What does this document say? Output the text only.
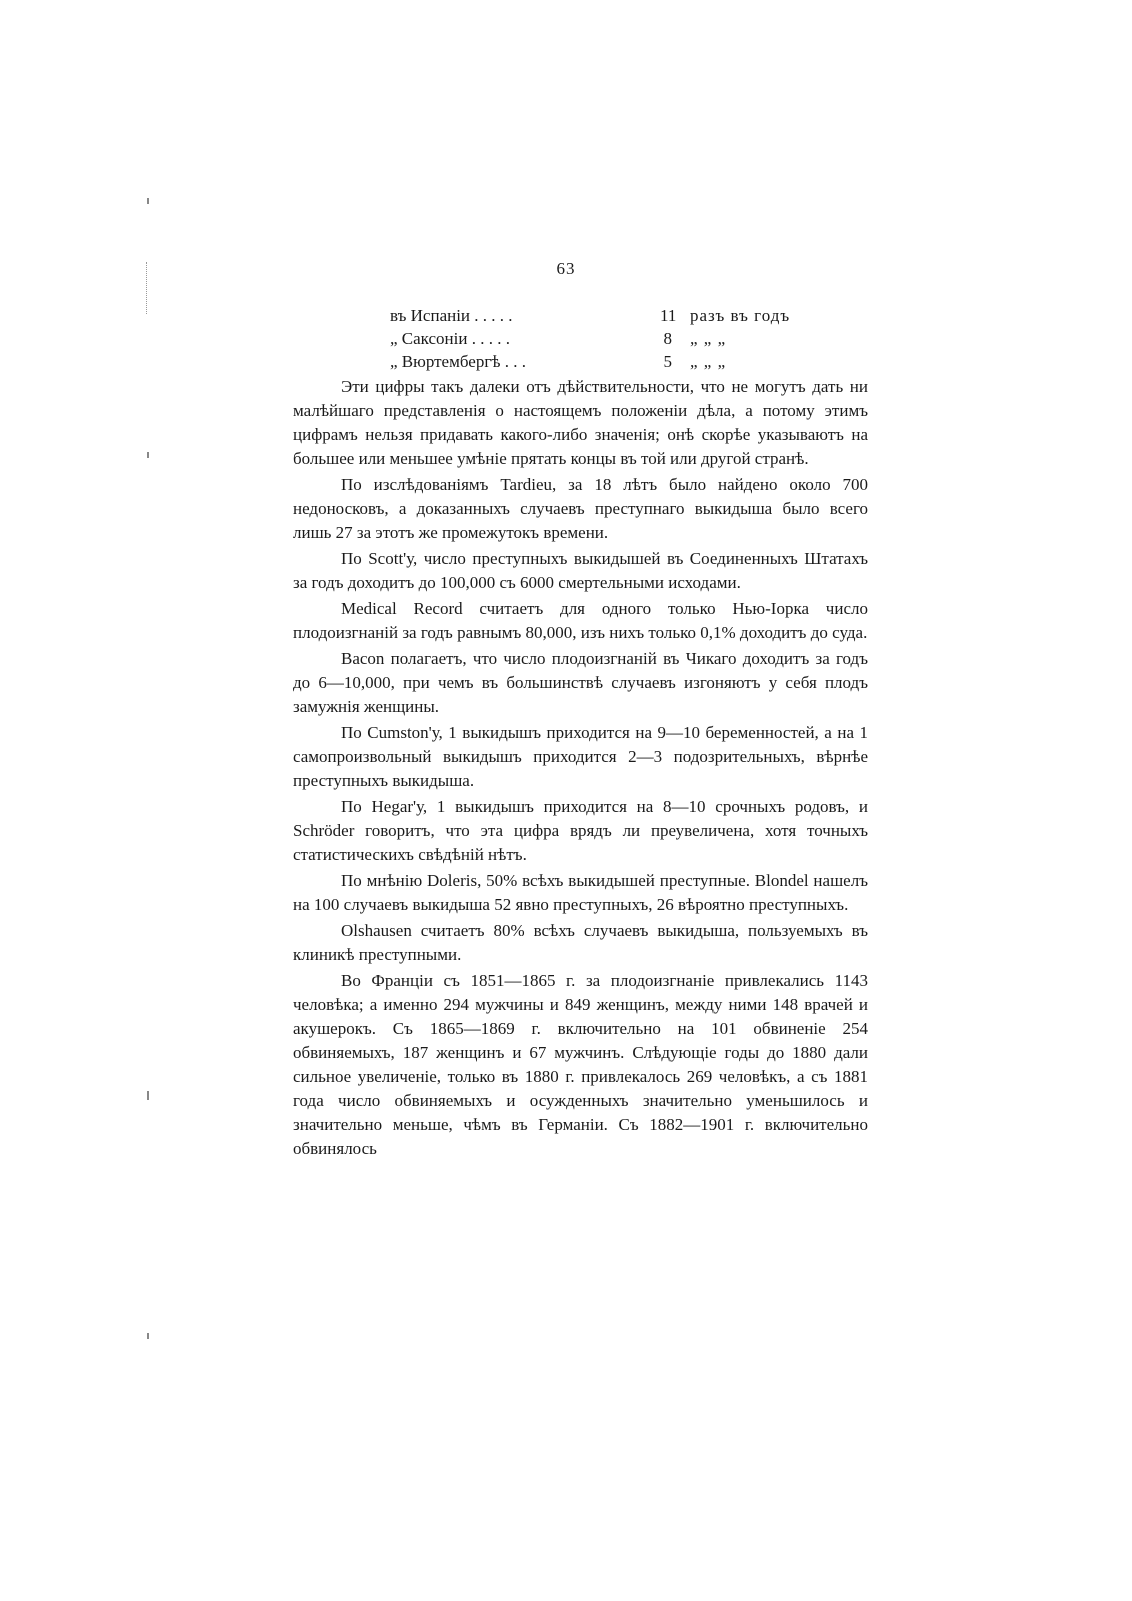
63
въ Испаніи . . . . .	11 разъ въ годъ
„ Саксоніи . . . . .	8 „ „ „
„ Вюртембергѣ . . .	5 „ „ „

Эти цифры такъ далеки отъ дѣйствительности, что не могутъ дать ни малѣйшаго представленія о настоящемъ положеніи дѣла, а потому этимъ цифрамъ нельзя придавать какого-либо значенія; онѣ скорѣе указываютъ на большее или меньшее умѣніе прятать концы въ той или другой странѣ.

По изслѣдованіямъ Tardieu, за 18 лѣтъ было найдено около 700 недоносковъ, а доказанныхъ случаевъ преступнаго выкидыша было всего лишь 27 за этотъ же промежутокъ времени.

По Scott'у, число преступныхъ выкидышей въ Соединенныхъ Штатахъ за годъ доходитъ до 100,000 съ 6000 смертельными исходами.

Medical Record считаетъ для одного только Нью-Іорка число плодоизгнаній за годъ равнымъ 80,000, изъ нихъ только 0,1% доходитъ до суда.

Bacon полагаетъ, что число плодоизгнаній въ Чикаго доходитъ за годъ до 6—10,000, при чемъ въ большинствѣ случаевъ изгоняютъ у себя плодъ замужнія женщины.

По Cumston'у, 1 выкидышъ приходится на 9—10 беременностей, а на 1 самопроизвольный выкидышъ приходится 2—3 подозрительныхъ, вѣрнѣе преступныхъ выкидыша.

По Hegar'у, 1 выкидышъ приходится на 8—10 срочныхъ родовъ, и Schröder говоритъ, что эта цифра врядъ ли преувеличена, хотя точныхъ статистическихъ свѣдѣній нѣтъ.

По мнѣнію Doleris, 50% всѣхъ выкидышей преступные. Blondel нашелъ на 100 случаевъ выкидыша 52 явно преступныхъ, 26 вѣроятно преступныхъ.

Olshausen считаетъ 80% всѣхъ случаевъ выкидыша, пользуемыхъ въ клиникѣ преступными.

Во Франціи съ 1851—1865 г. за плодоизгнаніе привлекались 1143 человѣка; а именно 294 мужчины и 849 женщинъ, между ними 148 врачей и акушерокъ. Съ 1865—1869 г. включительно на 101 обвиненіе 254 обвиняемыхъ, 187 женщинъ и 67 мужчинъ. Слѣдующіе годы до 1880 дали сильное увеличеніе, только въ 1880 г. привлекалось 269 человѣкъ, а съ 1881 года число обвиняемыхъ и осужденныхъ значительно уменьшилось и значительно меньше, чѣмъ въ Германіи. Съ 1882—1901 г. включительно обвинялось
